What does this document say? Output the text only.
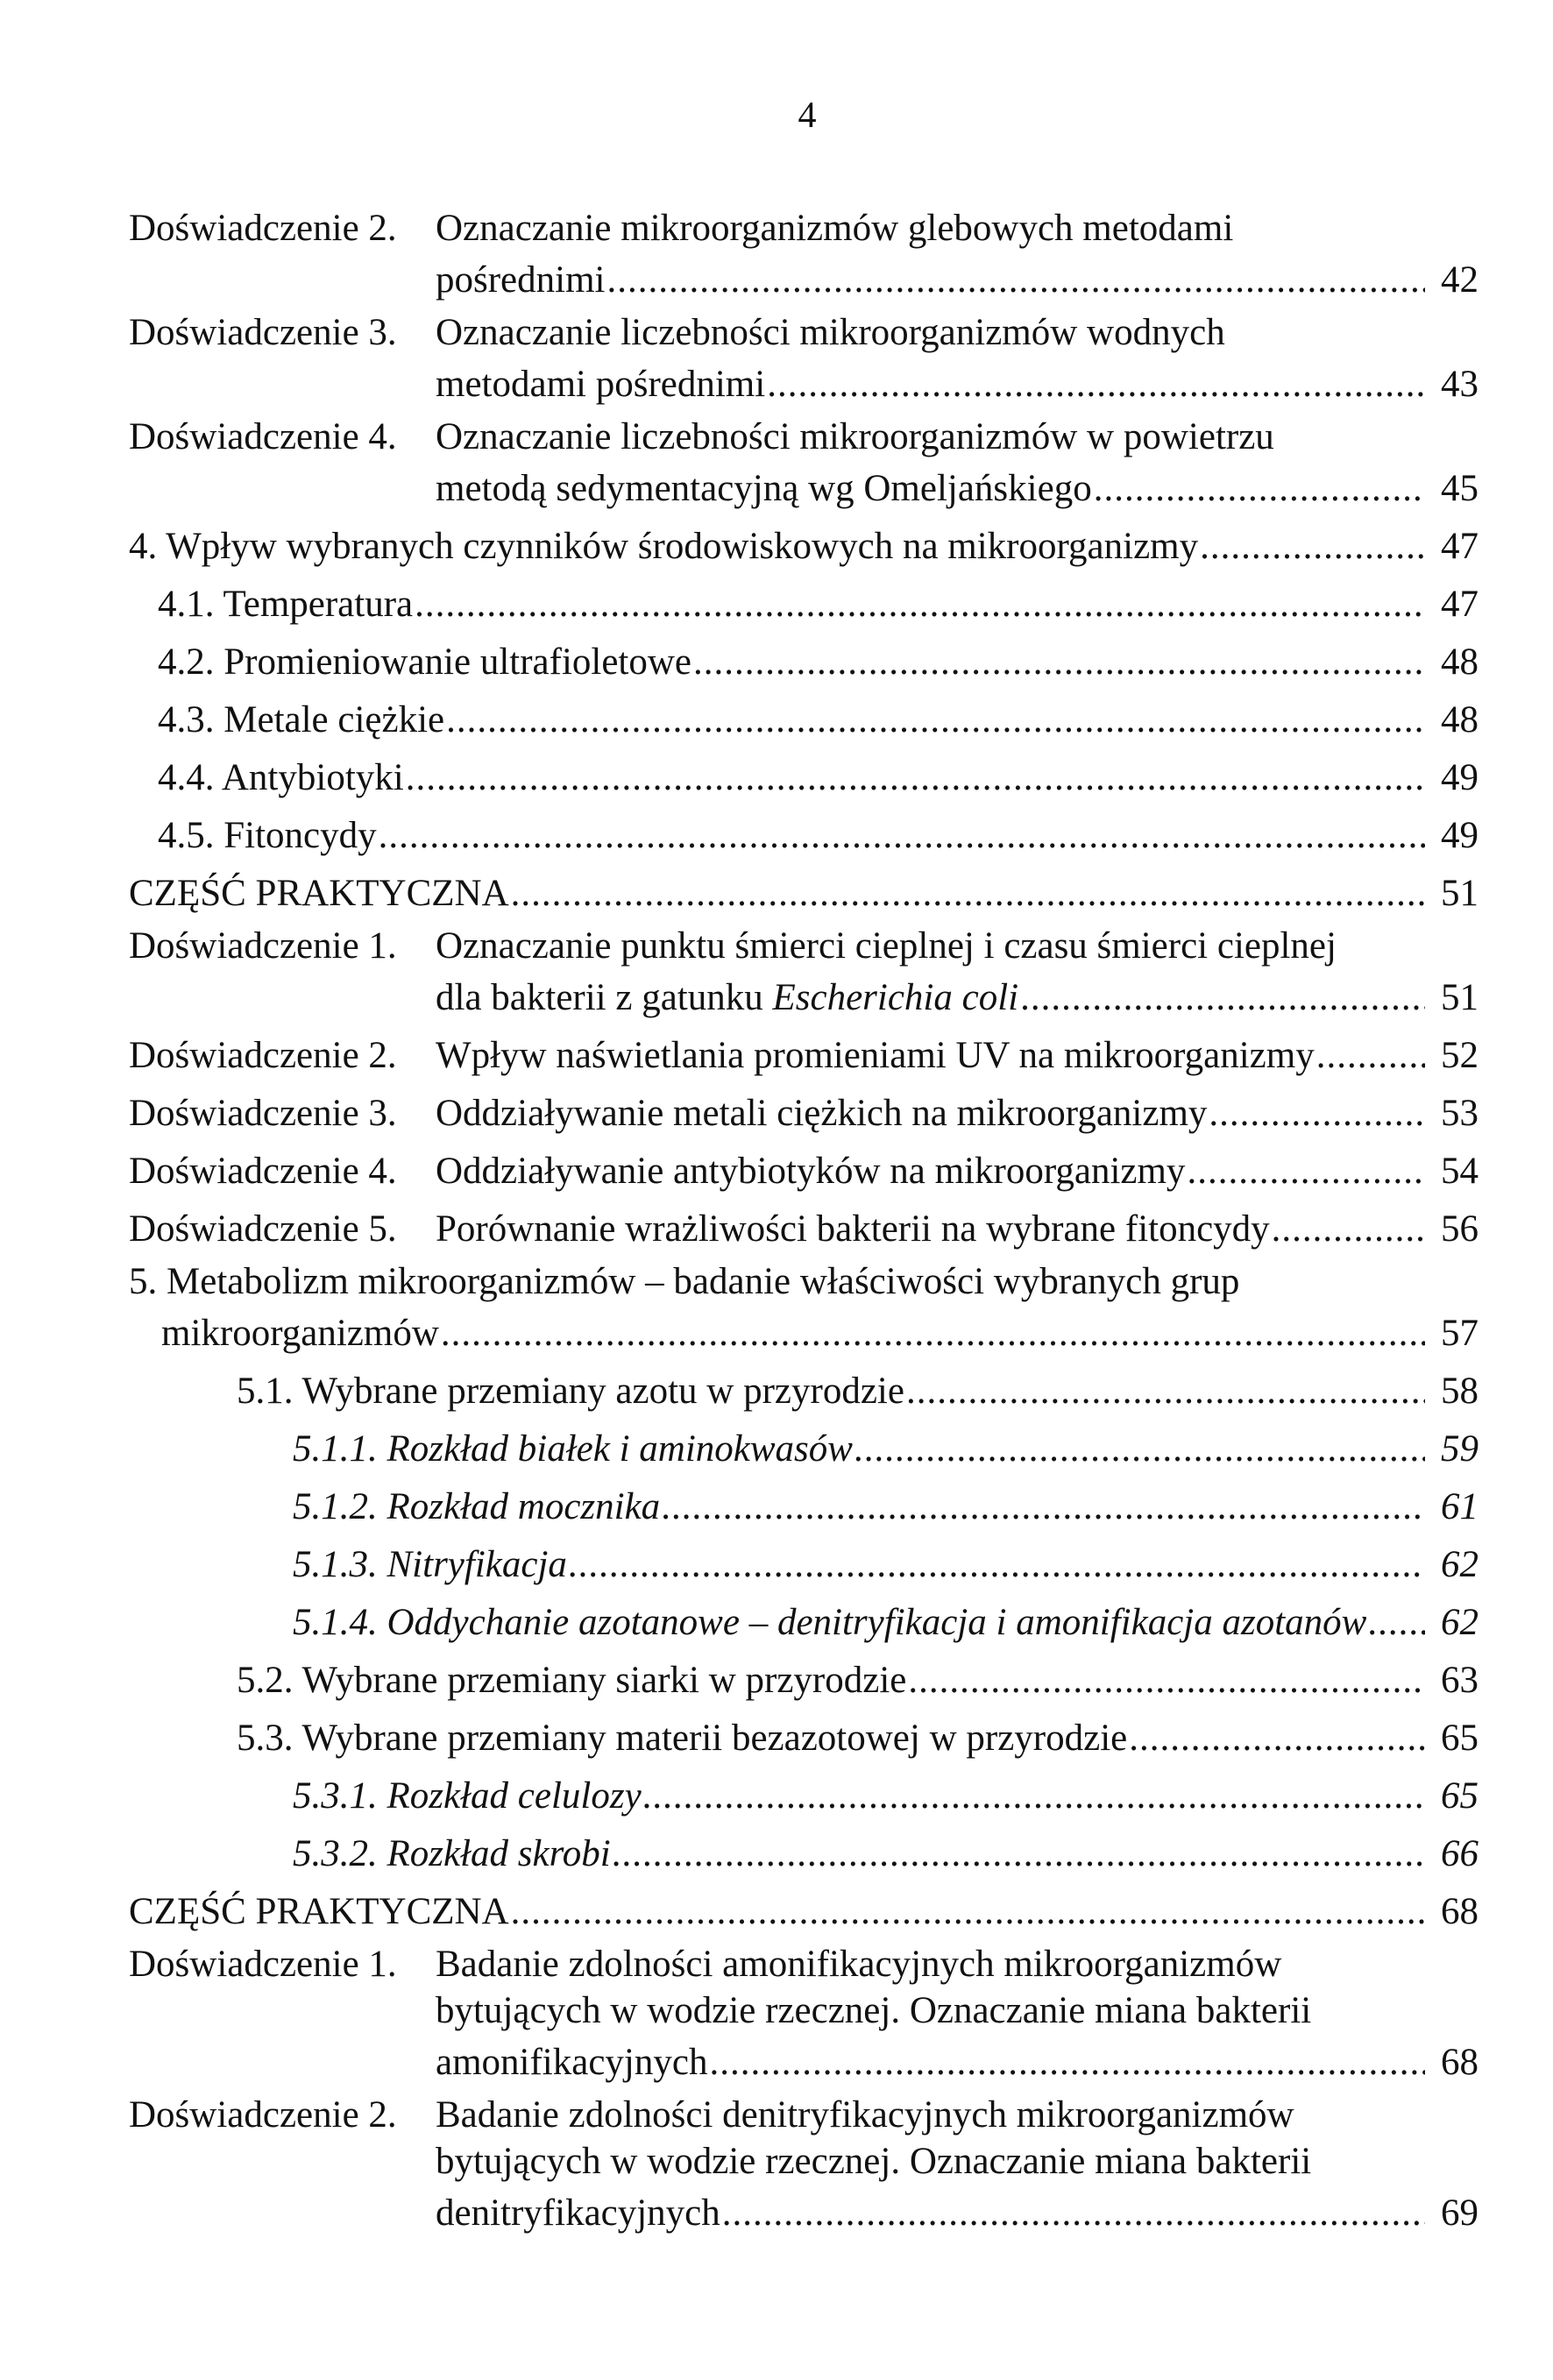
4
Doświadczenie 2.	Oznaczanie mikroorganizmów glebowych metodami
pośrednimi .....	42
Doświadczenie 3.	Oznaczanie liczebności mikroorganizmów wodnych
metodami pośrednimi .....	43
Doświadczenie 4.	Oznaczanie liczebności mikroorganizmów w powietrzu
metodą sedymentacyjną wg Omeljańskiego .....	45
4. Wpływ wybranych czynników środowiskowych na mikroorganizmy .....	47
4.1. Temperatura .....	47
4.2. Promieniowanie ultrafioletowe .....	48
4.3. Metale ciężkie .....	48
4.4. Antybiotyki .....	49
4.5. Fitoncydy .....	49
CZĘŚĆ PRAKTYCZNA .....	51
Doświadczenie 1.	Oznaczanie punktu śmierci cieplnej i czasu śmierci cieplnej
dla bakterii z gatunku Escherichia coli .....	51
Doświadczenie 2.	Wpływ naświetlania promieniami UV na mikroorganizmy .....	52
Doświadczenie 3.	Oddziaływanie metali ciężkich na mikroorganizmy .....	53
Doświadczenie 4.	Oddziaływanie antybiotyków na mikroorganizmy .....	54
Doświadczenie 5.	Porównanie wrażliwości bakterii na wybrane fitoncydy .....	56
5. Metabolizm mikroorganizmów – badanie właściwości wybranych grup
mikroorganizmów .....	57
5.1. Wybrane przemiany azotu w przyrodzie .....	58
5.1.1. Rozkład białek i aminokwasów .....	59
5.1.2. Rozkład mocznika .....	61
5.1.3. Nitryfikacja .....	62
5.1.4. Oddychanie azotanowe – denitryfikacja i amonifikacja azotanów ..... 62
5.2. Wybrane przemiany siarki w przyrodzie .....	63
5.3. Wybrane przemiany materii bezazotowej w przyrodzie .....	65
5.3.1. Rozkład celulozy .....	65
5.3.2. Rozkład skrobi .....	66
CZĘŚĆ PRAKTYCZNA .....	68
Doświadczenie 1.	Badanie zdolności amonifikacyjnych mikroorganizmów
bytujących w wodzie rzecznej. Oznaczanie miana bakterii
amonifikacyjnych .....	68
Doświadczenie 2.	Badanie zdolności denitryfikacyjnych mikroorganizmów
bytujących w wodzie rzecznej. Oznaczanie miana bakterii
denitryfikacyjnych .....	69
